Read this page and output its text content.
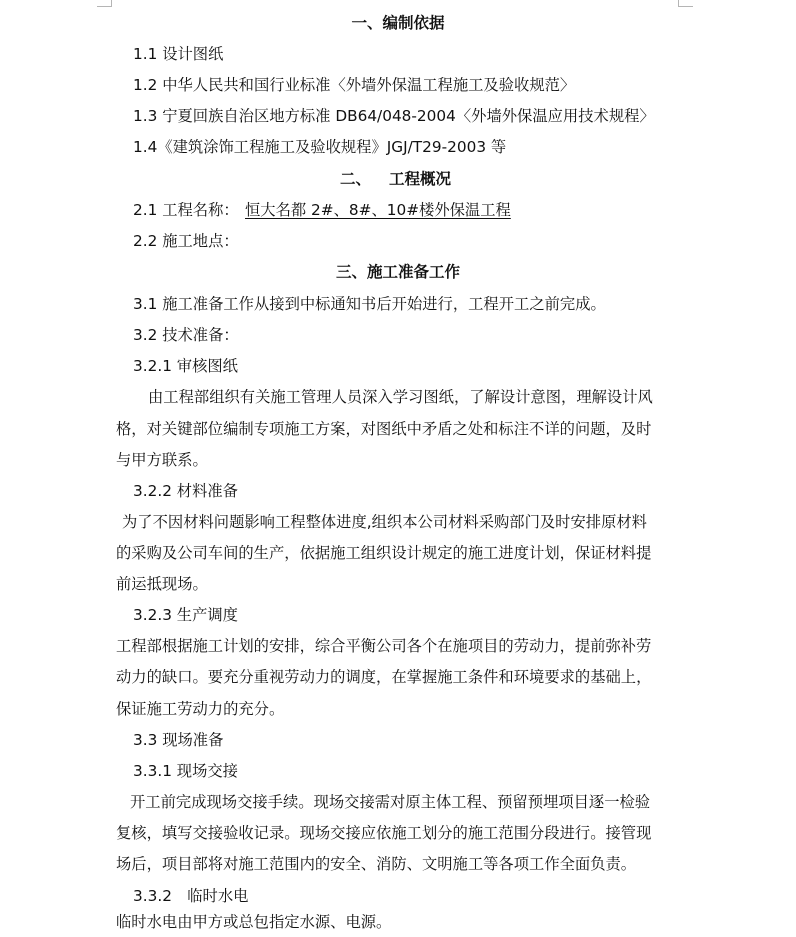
一、编制依据
1.1 设计图纸
1.2 中华人民共和国行业标准〈外墙外保温工程施工及验收规范〉
1.3 宁夏回族自治区地方标准 DB64/048-2004〈外墙外保温应用技术规程〉
1.4《建筑涂饰工程施工及验收规程》JGJ/T29-2003 等
二、 工程概况
2.1 工程名称： 恒大名都 2#、8#、10#楼外保温工程
2.2 施工地点：
三、施工准备工作
3.1 施工准备工作从接到中标通知书后开始进行，工程开工之前完成。
3.2 技术准备：
3.2.1 审核图纸
由工程部组织有关施工管理人员深入学习图纸，了解设计意图，理解设计风
格，对关键部位编制专项施工方案，对图纸中矛盾之处和标注不详的问题，及时
与甲方联系。
3.2.2 材料准备
为了不因材料问题影响工程整体进度,组织本公司材料采购部门及时安排原材料
的采购及公司车间的生产，依据施工组织设计规定的施工进度计划，保证材料提
前运抵现场。
3.2.3 生产调度
工程部根据施工计划的安排，综合平衡公司各个在施项目的劳动力，提前弥补劳
动力的缺口。要充分重视劳动力的调度，在掌握施工条件和环境要求的基础上，
保证施工劳动力的充分。
3.3 现场准备
3.3.1 现场交接
开工前完成现场交接手续。现场交接需对原主体工程、预留预埋项目逐一检验
复核，填写交接验收记录。现场交接应依施工划分的施工范围分段进行。接管现
场后，项目部将对施工范围内的安全、消防、文明施工等各项工作全面负责。
3.3.2　临时水电
临时水电由甲方或总包指定水源、电源。
